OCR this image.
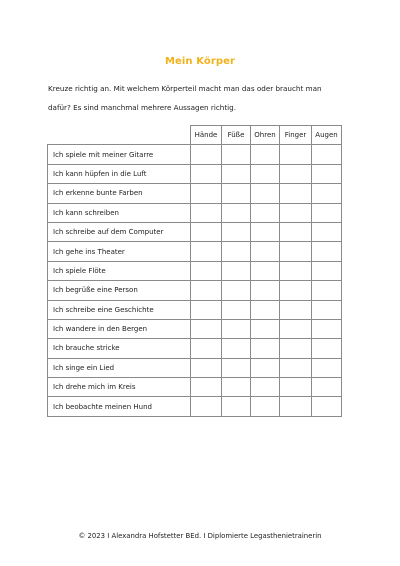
Mein Körper
Kreuze richtig an. Mit welchem Körperteil macht man das oder braucht man
dafür? Es sind manchmal mehrere Aussagen richtig.
	Hände	Füße	Ohren	Finger	Augen
Ich spiele mit meiner Gitarre					
Ich kann hüpfen in die Luft					
Ich erkenne bunte Farben					
Ich kann schreiben					
Ich schreibe auf dem Computer					
Ich gehe ins Theater					
Ich spiele Flöte					
Ich begrüße eine Person					
Ich schreibe eine Geschichte					
Ich wandere in den Bergen					
Ich brauche stricke					
Ich singe ein Lied					
Ich drehe mich im Kreis					
Ich beobachte meinen Hund					
© 2023 I Alexandra Hofstetter BEd. I Diplomierte Legasthenietrainerin
